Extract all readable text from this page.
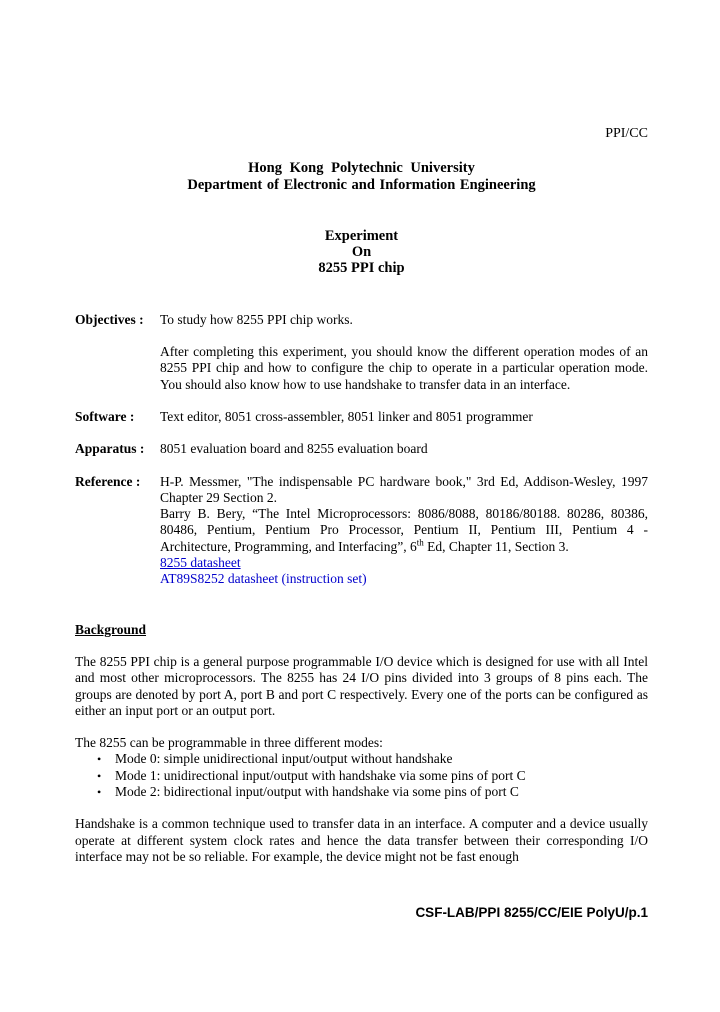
PPI/CC
Hong Kong Polytechnic University
Department of Electronic and Information Engineering
Experiment
On
8255 PPI chip
Objectives :	To study how 8255 PPI chip works.
After completing this experiment, you should know the different operation modes of an 8255 PPI chip and how to configure the chip to operate in a particular operation mode. You should also know how to use handshake to transfer data in an interface.
Software :	Text editor, 8051 cross-assembler, 8051 linker and 8051 programmer
Apparatus :	8051 evaluation board and 8255 evaluation board
Reference :	H-P. Messmer, "The indispensable PC hardware book," 3rd Ed, Addison-Wesley, 1997 Chapter 29 Section 2.
Barry B. Bery, “The Intel Microprocessors: 8086/8088, 80186/80188. 80286, 80386, 80486, Pentium, Pentium Pro Processor, Pentium II, Pentium III, Pentium 4 - Architecture, Programming, and Interfacing”, 6th Ed, Chapter 11, Section 3.
8255 datasheet
AT89S8252 datasheet (instruction set)
Background
The 8255 PPI chip is a general purpose programmable I/O device which is designed for use with all Intel and most other microprocessors. The 8255 has 24 I/O pins divided into 3 groups of 8 pins each. The groups are denoted by port A, port B and port C respectively. Every one of the ports can be configured as either an input port or an output port.
The 8255 can be programmable in three different modes:
•	Mode 0: simple unidirectional input/output without handshake
•	Mode 1: unidirectional input/output with handshake via some pins of port C
•	Mode 2: bidirectional input/output with handshake via some pins of port C
Handshake is a common technique used to transfer data in an interface. A computer and a device usually operate at different system clock rates and hence the data transfer between their corresponding I/O interface may not be so reliable. For example, the device might not be fast enough
CSF-LAB/PPI 8255/CC/EIE PolyU/p.1
